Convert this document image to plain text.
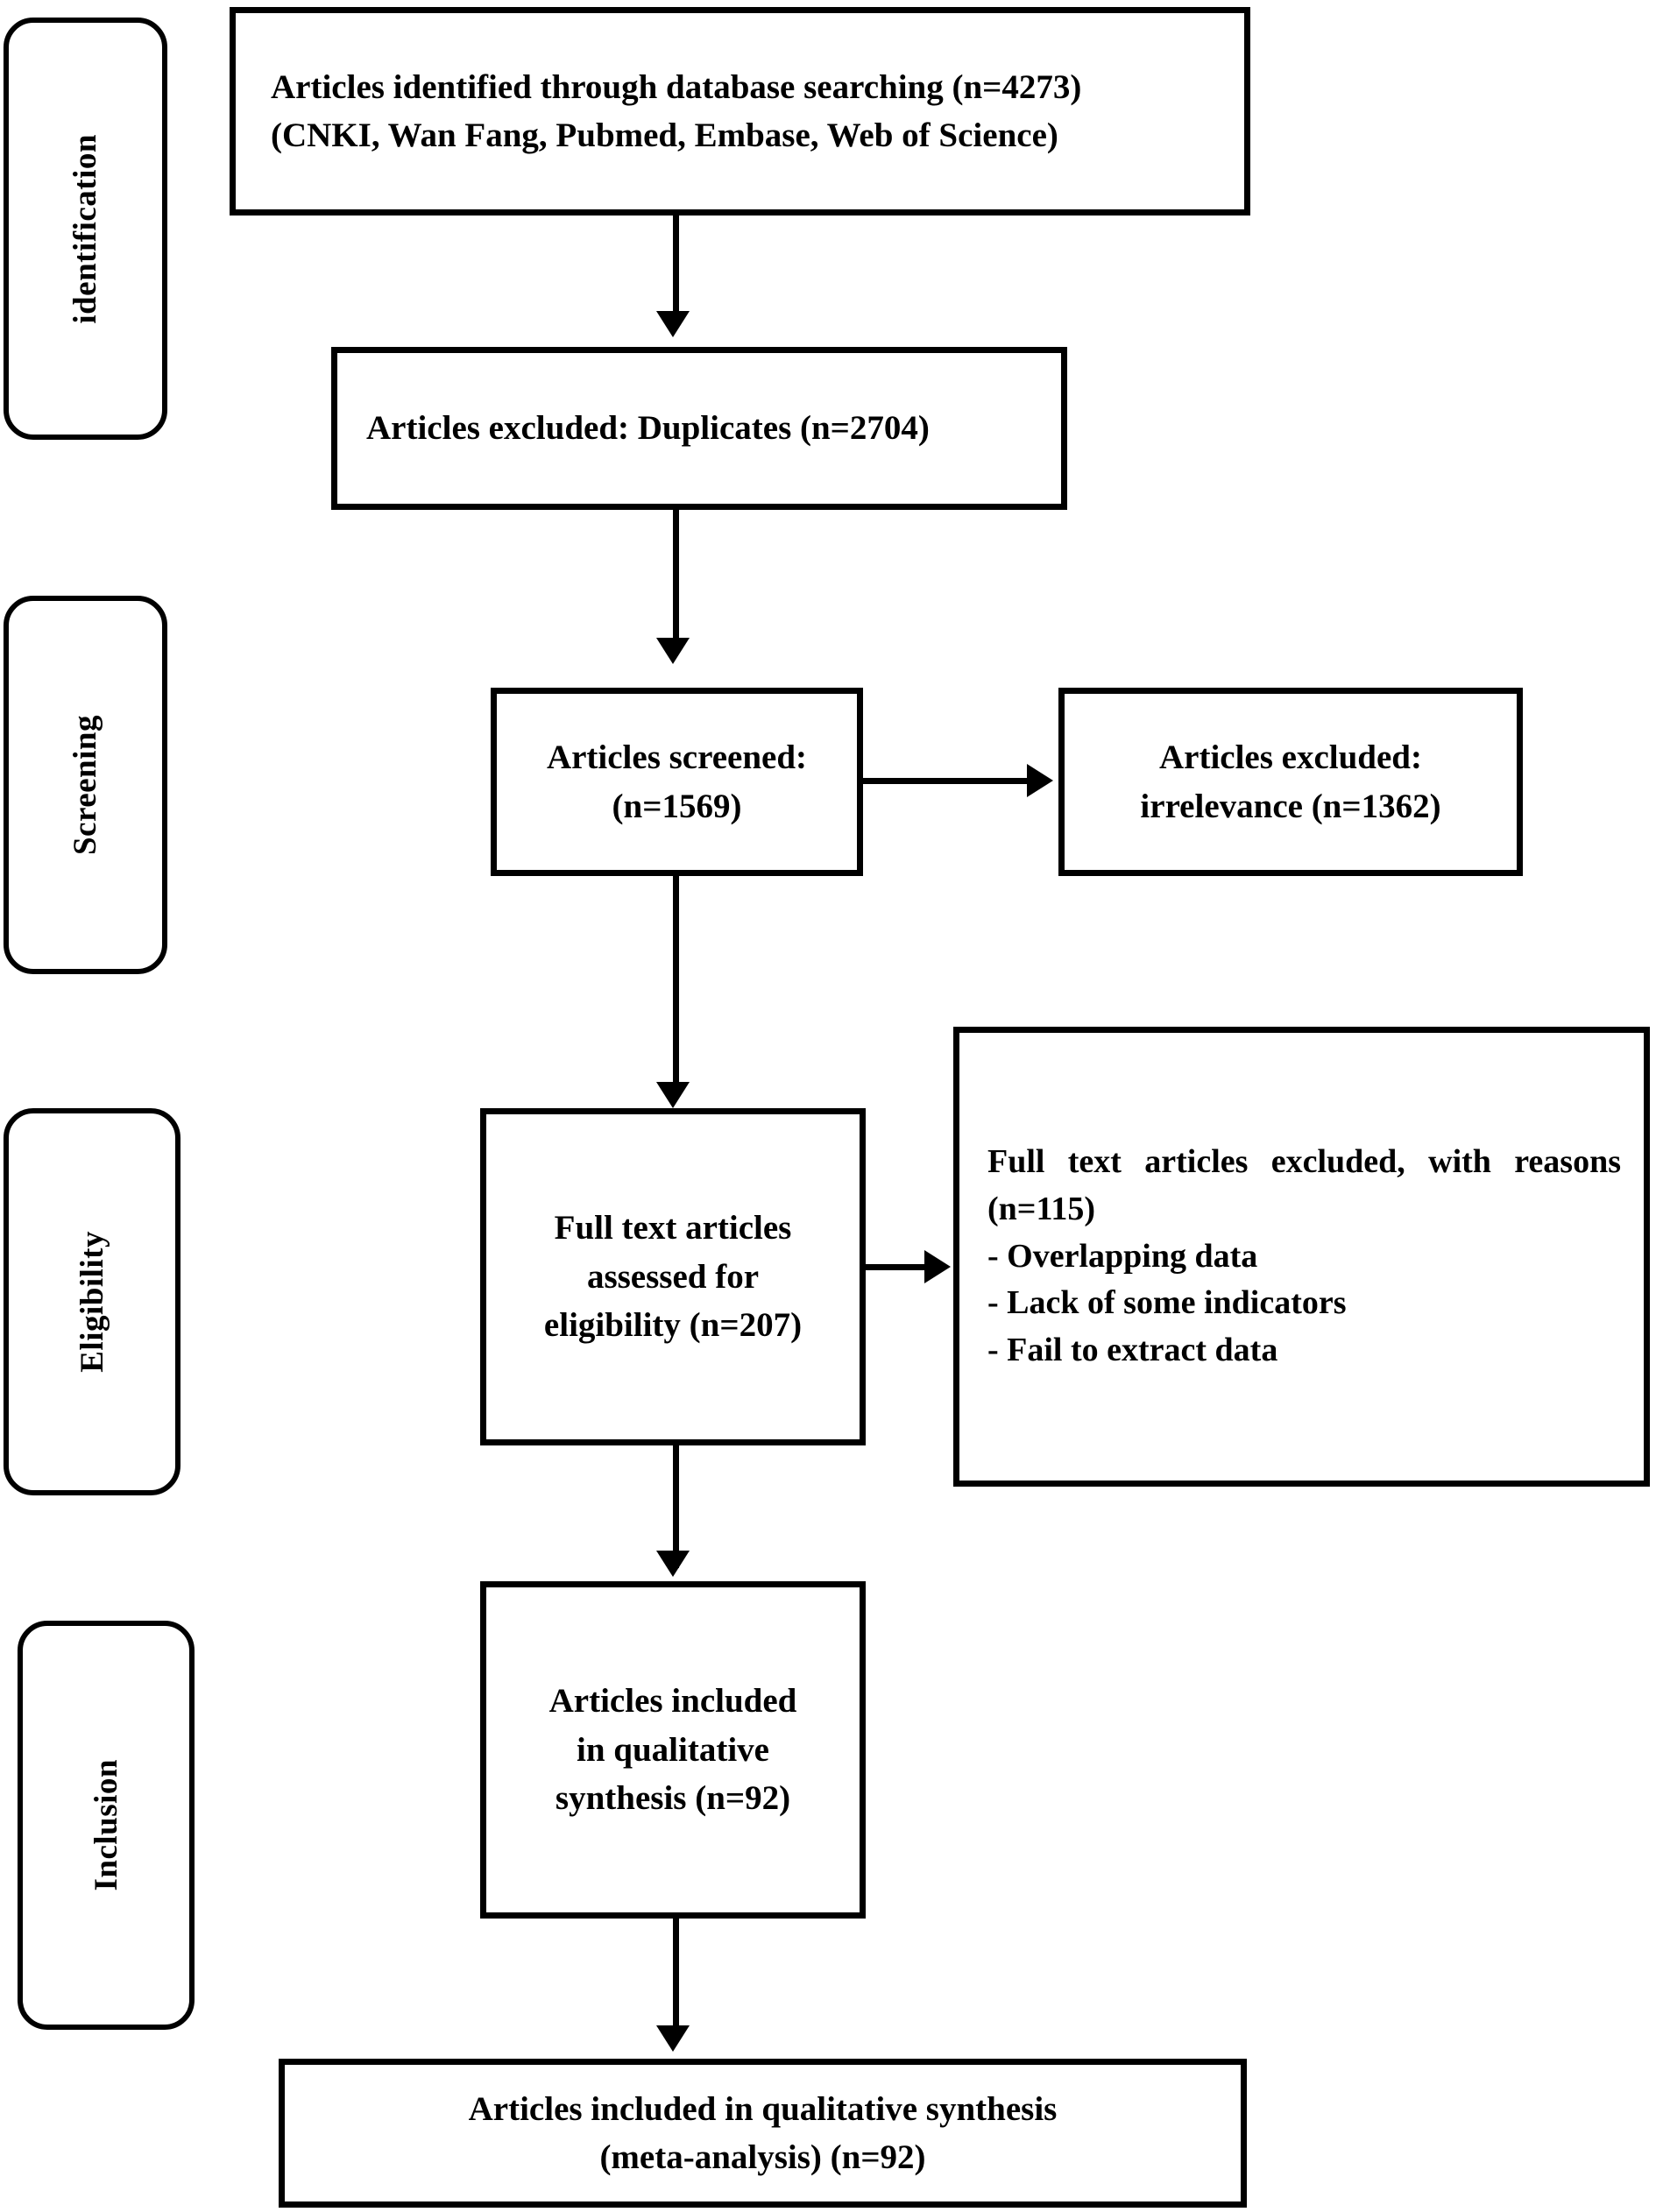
identification
Screening
Eligibility
Inclusion
Articles identified through database searching (n=4273)
(CNKI, Wan Fang, Pubmed, Embase, Web of Science)
Articles excluded: Duplicates (n=2704)
Articles screened:
(n=1569)
Articles excluded:
irrelevance (n=1362)
Full text articles
assessed for
eligibility (n=207)
Full text articles excluded, with reasons (n=115)
- Overlapping data
- Lack of some indicators
- Fail to extract data
Articles included
in qualitative
synthesis (n=92)
Articles included in qualitative synthesis
(meta-analysis) (n=92)
